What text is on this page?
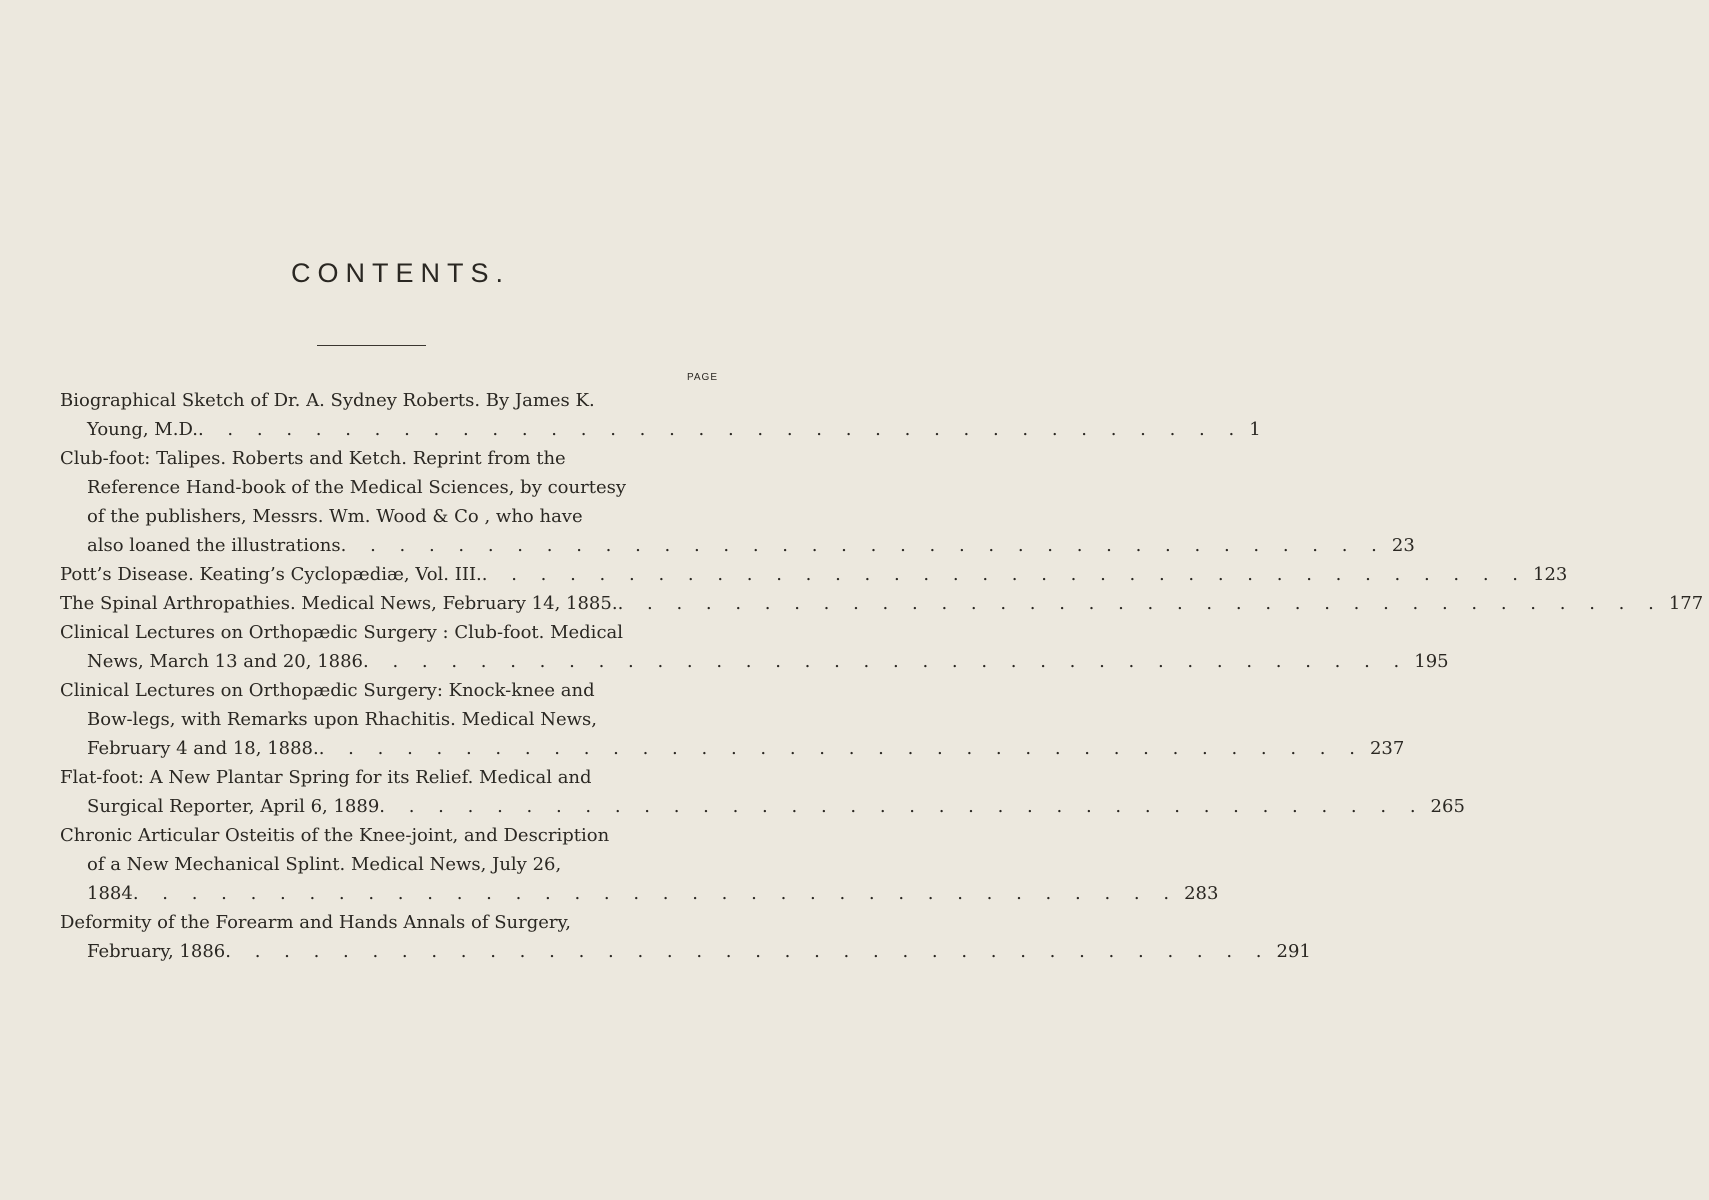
CONTENTS.
PAGE
Biographical Sketch of Dr. A. Sydney Roberts. By James K.
Young, M.D. . . . . . . . . . . . . . . . . . . . . . . . . . . . . . . . . . . . . 1
Club-foot: Talipes. Roberts and Ketch. Reprint from the
Reference Hand-book of the Medical Sciences, by courtesy
of the publishers, Messrs. Wm. Wood & Co , who have
also loaned the illustrations . . . . . . . . . . . . . . . . . . . . . . . . . . . . . . . . . . . . 23
Pott’s Disease. Keating’s Cyclopædiæ, Vol. III. . . . . . . . . . . . . . . . . . . . . . . . . . . . . . . . . . . . . 123
The Spinal Arthropathies. Medical News, February 14, 1885. . . . . . . . . . . . . . . . . . . . . . . . . . . . . . . . . . . . . 177
Clinical Lectures on Orthopædic Surgery : Club-foot. Medical
News, March 13 and 20, 1886 . . . . . . . . . . . . . . . . . . . . . . . . . . . . . . . . . . . . 195
Clinical Lectures on Orthopædic Surgery: Knock-knee and
Bow-legs, with Remarks upon Rhachitis. Medical News,
February 4 and 18, 1888. . . . . . . . . . . . . . . . . . . . . . . . . . . . . . . . . . . . . 237
Flat-foot: A New Plantar Spring for its Relief. Medical and
Surgical Reporter, April 6, 1889 . . . . . . . . . . . . . . . . . . . . . . . . . . . . . . . . . . . . 265
Chronic Articular Osteitis of the Knee-joint, and Description
of a New Mechanical Splint. Medical News, July 26,
1884 . . . . . . . . . . . . . . . . . . . . . . . . . . . . . . . . . . . . 283
Deformity of the Forearm and Hands Annals of Surgery,
February, 1886 . . . . . . . . . . . . . . . . . . . . . . . . . . . . . . . . . . . . 291
